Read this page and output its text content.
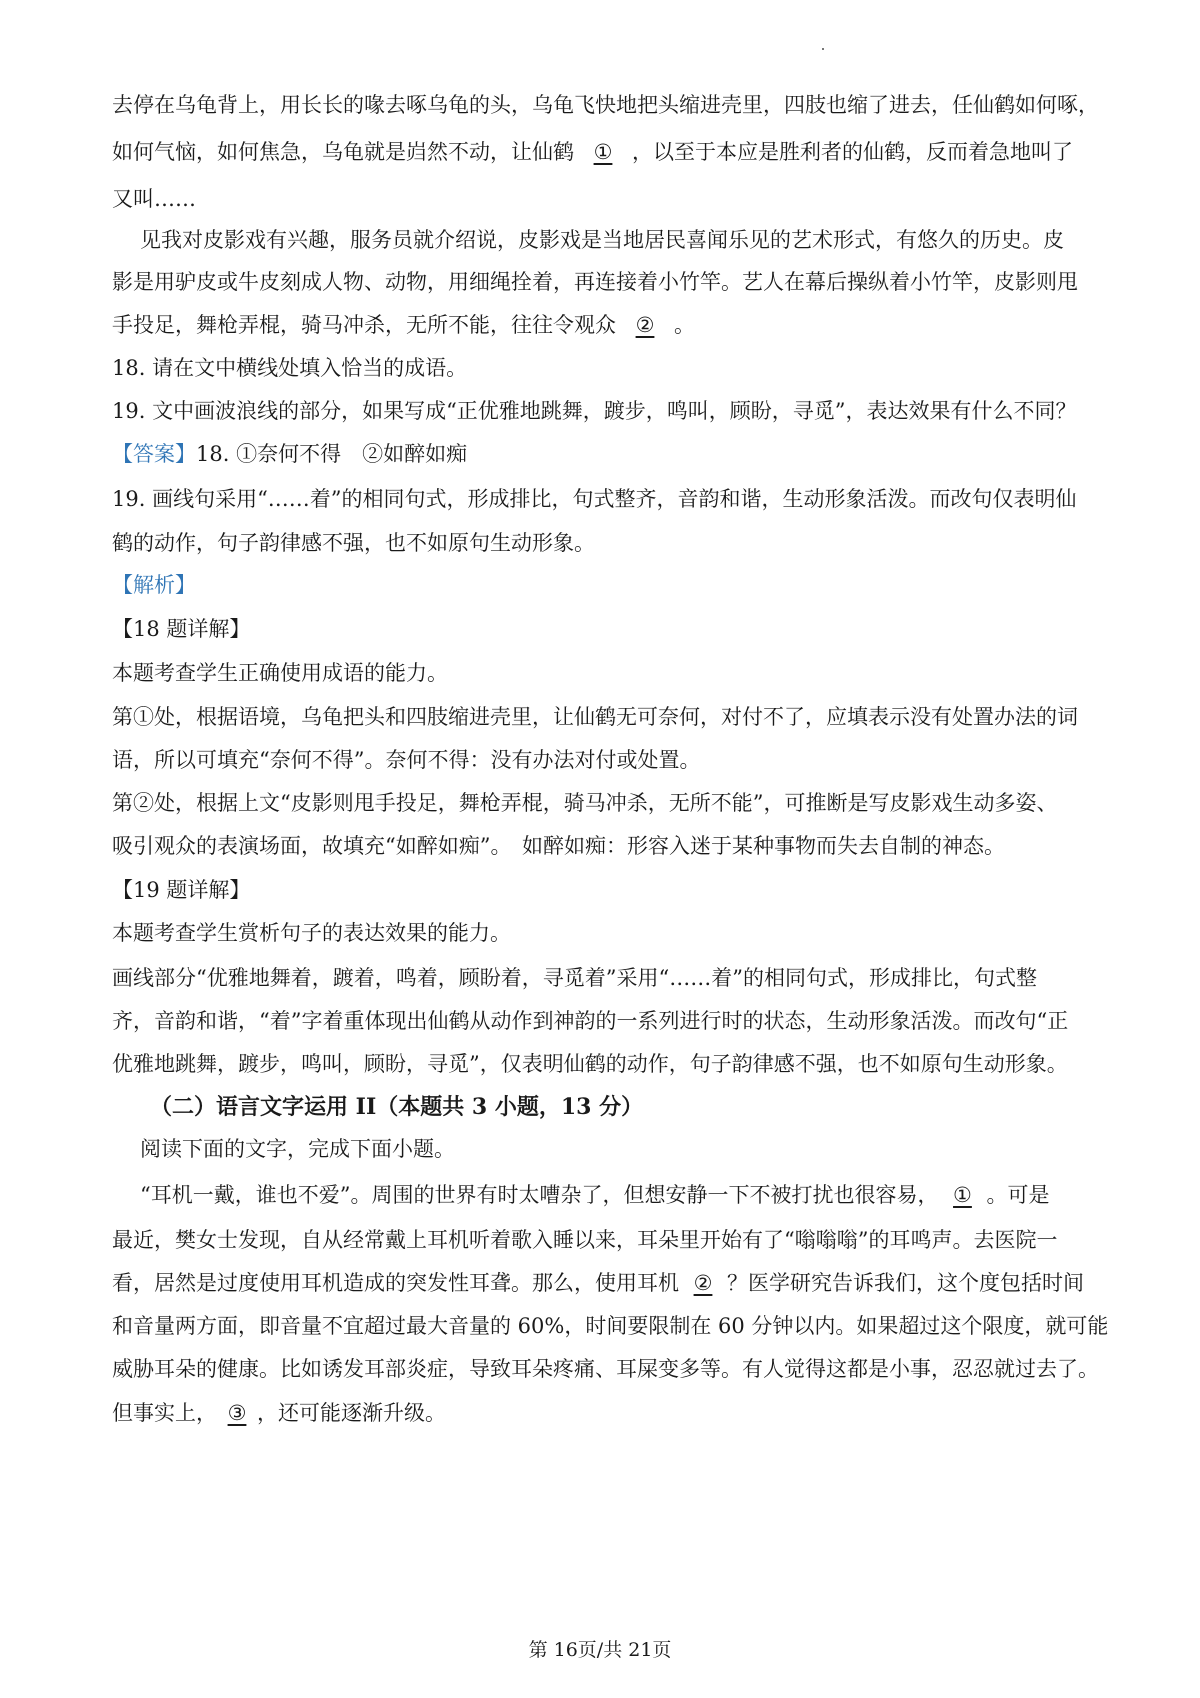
去停在乌龟背上，用长长的喙去啄乌龟的头，乌龟飞快地把头缩进壳里，四肢也缩了进去，任仙鹤如何啄，
如何气恼，如何焦急，乌龟就是岿然不动，让仙鹤 ① ，以至于本应是胜利者的仙鹤，反而着急地叫了
又叫……
见我对皮影戏有兴趣，服务员就介绍说，皮影戏是当地居民喜闻乐见的艺术形式，有悠久的历史。皮
影是用驴皮或牛皮刻成人物、动物，用细绳拴着，再连接着小竹竿。艺人在幕后操纵着小竹竿，皮影则甩
手投足，舞枪弄棍，骑马冲杀，无所不能，往往令观众 ② 。
18. 请在文中横线处填入恰当的成语。
19. 文中画波浪线的部分，如果写成“正优雅地跳舞，踱步，鸣叫，顾盼，寻觅”，表达效果有什么不同？
【答案】18. ①奈何不得　②如醉如痴
19. 画线句采用“……着”的相同句式，形成排比，句式整齐，音韵和谐，生动形象活泼。而改句仅表明仙
鹤的动作，句子韵律感不强，也不如原句生动形象。
【解析】
【18 题详解】
本题考查学生正确使用成语的能力。
第①处，根据语境，乌龟把头和四肢缩进壳里，让仙鹤无可奈何，对付不了，应填表示没有处置办法的词
语，所以可填充“奈何不得”。奈何不得：没有办法对付或处置。
第②处，根据上文“皮影则甩手投足，舞枪弄棍，骑马冲杀，无所不能”，可推断是写皮影戏生动多姿、
吸引观众的表演场面，故填充“如醉如痴”。　如醉如痴：形容入迷于某种事物而失去自制的神态。
【19 题详解】
本题考查学生赏析句子的表达效果的能力。
画线部分“优雅地舞着，踱着，鸣着，顾盼着，寻觅着”采用“……着”的相同句式，形成排比，句式整
齐，音韵和谐，“着”字着重体现出仙鹤从动作到神韵的一系列进行时的状态，生动形象活泼。而改句“正
优雅地跳舞，踱步，鸣叫，顾盼，寻觅”，仅表明仙鹤的动作，句子韵律感不强，也不如原句生动形象。
（二）语言文字运用 II（本题共 3 小题，13 分）
阅读下面的文字，完成下面小题。
“耳机一戴，谁也不爱”。周围的世界有时太嘈杂了，但想安静一下不被打扰也很容易， ① 。可是
最近，樊女士发现，自从经常戴上耳机听着歌入睡以来，耳朵里开始有了“嗡嗡嗡”的耳鸣声。去医院一
看，居然是过度使用耳机造成的突发性耳聋。那么，使用耳机 ② ？医学研究告诉我们，这个度包括时间
和音量两方面，即音量不宜超过最大音量的 60%，时间要限制在 60 分钟以内。如果超过这个限度，就可能
威胁耳朵的健康。比如诱发耳部炎症，导致耳朵疼痛、耳屎变多等。有人觉得这都是小事，忍忍就过去了。
但事实上， ③ ，还可能逐渐升级。
第 16页/共 21页
